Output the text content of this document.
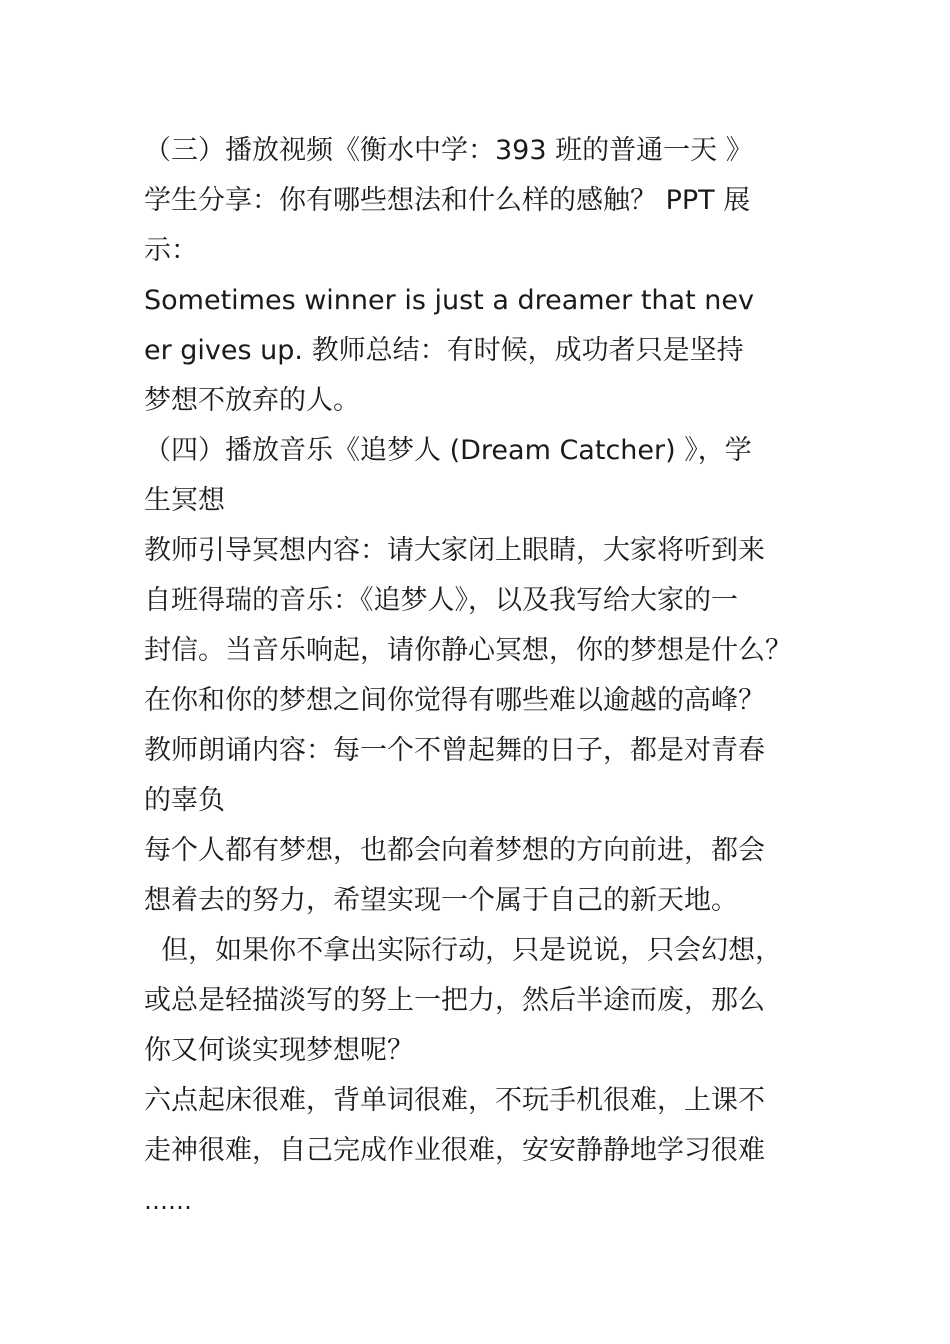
（三）播放视频《衡水中学：393 班的普通一天 》
学生分享：你有哪些想法和什么样的感触？ PPT 展
示：
Sometimes winner is just a dreamer that nev
er gives up. 教师总结：有时候，成功者只是坚持
梦想不放弃的人。
（四）播放音乐《追梦人 (Dream Catcher) 》，学
生冥想
教师引导冥想内容：请大家闭上眼睛，大家将听到来
自班得瑞的音乐：《追梦人》，以及我写给大家的一
封信。当音乐响起，请你静心冥想，你的梦想是什么？
在你和你的梦想之间你觉得有哪些难以逾越的高峰？
教师朗诵内容：每一个不曾起舞的日子，都是对青春
的辜负
每个人都有梦想，也都会向着梦想的方向前进，都会
想着去的努力，希望实现一个属于自己的新天地。
但，如果你不拿出实际行动，只是说说，只会幻想，
或总是轻描淡写的努上一把力，然后半途而废，那么
你又何谈实现梦想呢？
六点起床很难，背单词很难，不玩手机很难，上课不
走神很难，自己完成作业很难，安安静静地学习很难
……
